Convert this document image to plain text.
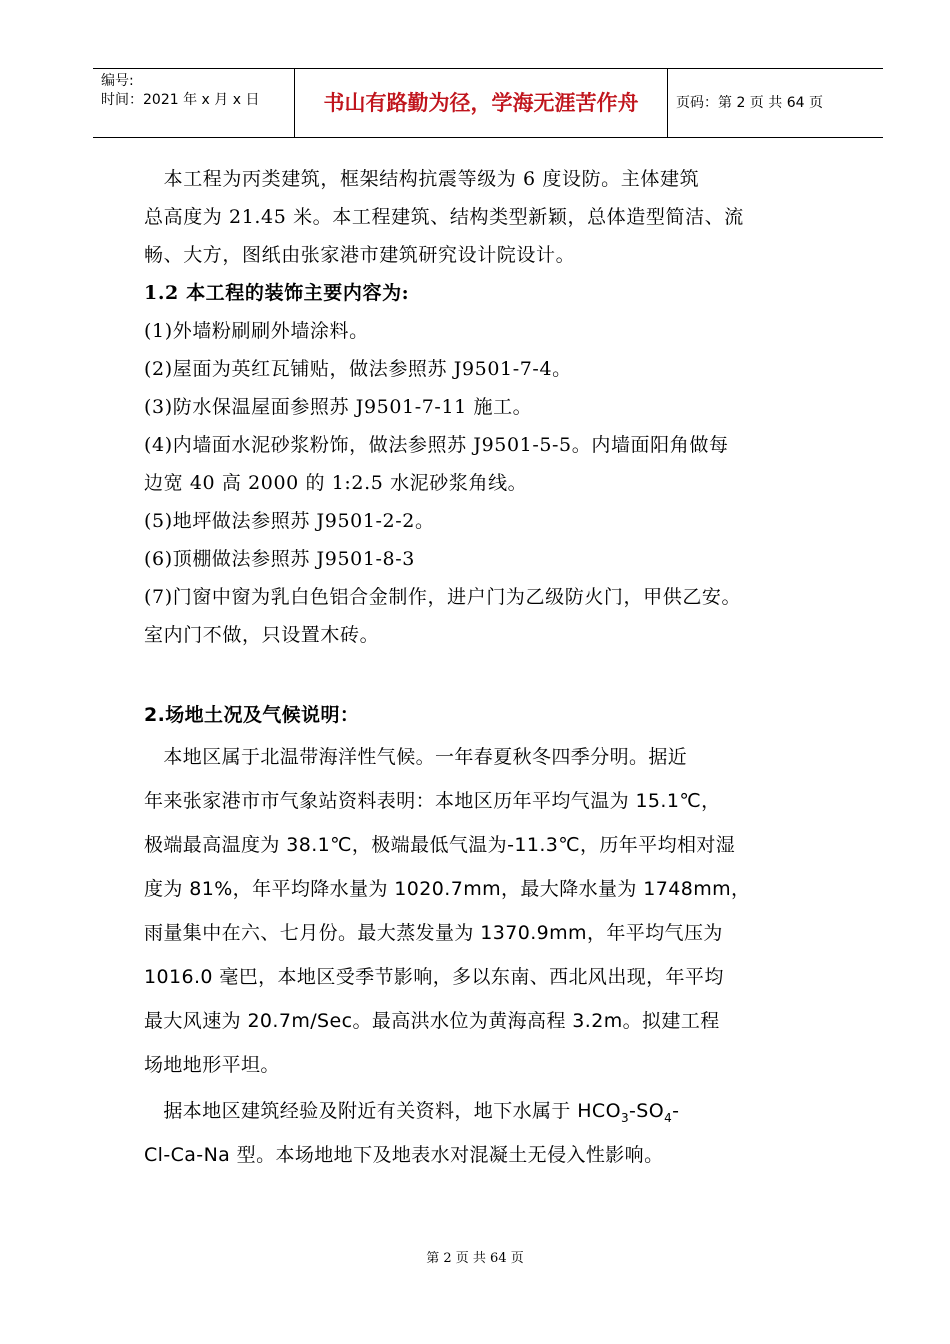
编号:
时间：2021 年 x 月 x 日	书山有路勤为径，学海无涯苦作舟	页码：第 2 页 共 64 页
　本工程为丙类建筑，框架结构抗震等级为 6 度设防。主体建筑
总高度为 21.45 米。本工程建筑、结构类型新颖，总体造型简洁、流
畅、大方，图纸由张家港市建筑研究设计院设计。
1.2 本工程的装饰主要内容为:
(1)外墙粉刷刷外墙涂料。
(2)屋面为英红瓦铺贴，做法参照苏 J9501-7-4。
(3)防水保温屋面参照苏 J9501-7-11 施工。
(4)内墙面水泥砂浆粉饰，做法参照苏 J9501-5-5。内墙面阳角做每
边宽 40 高 2000 的 1:2.5 水泥砂浆角线。
(5)地坪做法参照苏 J9501-2-2。
(6)顶棚做法参照苏 J9501-8-3
(7)门窗中窗为乳白色铝合金制作，进户门为乙级防火门，甲供乙安。
室内门不做，只设置木砖。
2.场地土况及气候说明：
　本地区属于北温带海洋性气候。一年春夏秋冬四季分明。据近
年来张家港市市气象站资料表明：本地区历年平均气温为 15.1℃，
极端最高温度为 38.1℃，极端最低气温为-11.3℃，历年平均相对湿
度为 81%，年平均降水量为 1020.7mm，最大降水量为 1748mm，
雨量集中在六、七月份。最大蒸发量为 1370.9mm，年平均气压为
1016.0 毫巴，本地区受季节影响，多以东南、西北风出现，年平均
最大风速为 20.7m/Sec。最高洪水位为黄海高程 3.2m。拟建工程
场地地形平坦。
　据本地区建筑经验及附近有关资料，地下水属于 $HCO_3-SO_4-$
Cl-Ca-Na 型。本场地地下及地表水对混凝土无侵入性影响。
第 2 页 共 64 页
